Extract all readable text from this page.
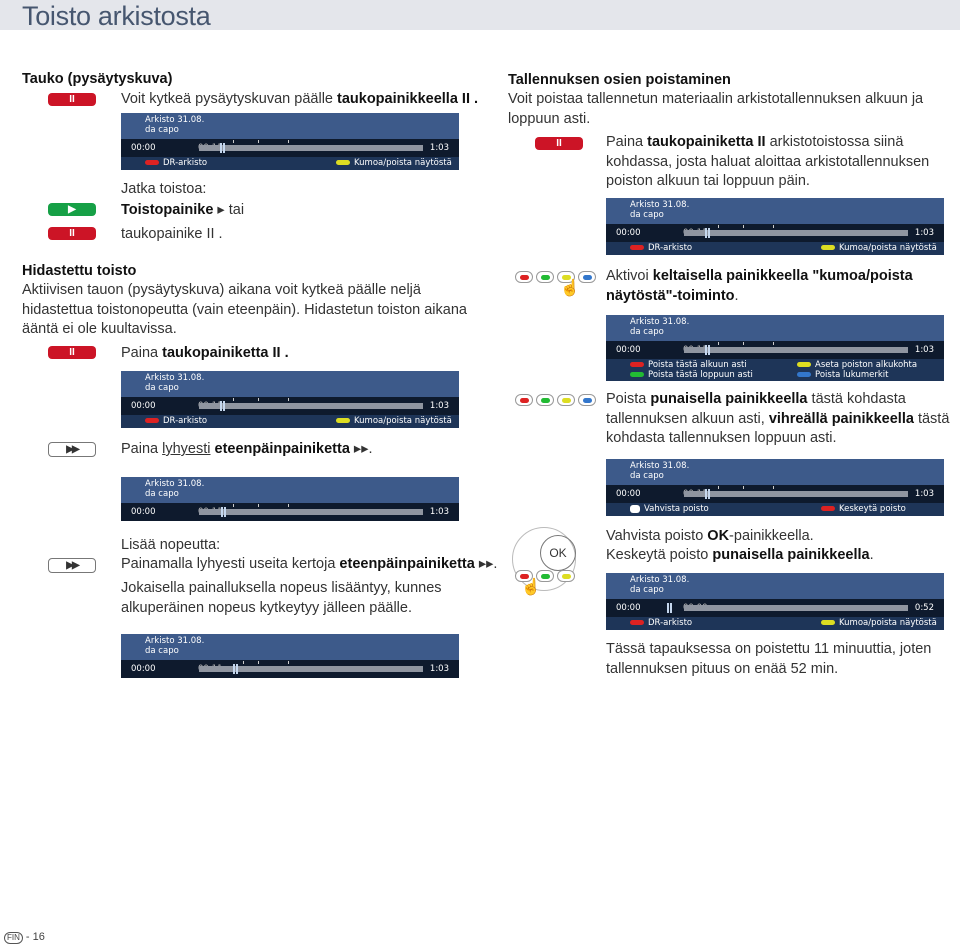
Toisto arkistosta
Tauko (pysäytyskuva)
II	Voit kytkeä pysäytyskuvan päälle taukopainikkeella II .
Arkisto 31.08.
da capo
00:00	1:03
DR-arkisto	Kumoa/poista näytöstä
Jatka toistoa:
▶	Toistopainike ▸ tai
II	taukopainike II .
Hidastettu toisto
Aktiivisen tauon (pysäytyskuva) aikana voit kytkeä päälle neljä hidastettua toistonopeutta (vain eteenpäin). Hidastetun toiston aikana ääntä ei ole kuultavissa.
II	Paina taukopainiketta II .
Arkisto 31.08.
da capo
00:00	1:03
DR-arkisto	Kumoa/poista näytöstä
▶▶	Paina lyhyesti eteenpäinpainiketta ▸▸.
Arkisto 31.08.
da capo
00:00	1:03
Lisää nopeutta:
▶▶	Painamalla lyhyesti useita kertoja eteenpäinpainiketta ▸▸.
Jokaisella painalluksella nopeus lisääntyy, kunnes alkuperäinen nopeus kytkeytyy jälleen päälle.
Arkisto 31.08.
da capo
00:00	1:03
Tallennuksen osien poistaminen
Voit poistaa tallennetun materiaalin arkistotallennuksen alkuun ja loppuun asti.
II	Paina taukopainiketta II arkistotoistossa siinä kohdassa, josta haluat aloittaa arkistotallennuksen poiston alkuun tai loppuun päin.
Arkisto 31.08.
da capo
00:00	1:03
DR-arkisto	Kumoa/poista näytöstä
☝
Aktivoi keltaisella painikkeella "kumoa/poista näytöstä"-toiminto.
Arkisto 31.08.
da capo
00:00	1:03
Poista tästä alkuun asti
Poista tästä loppuun asti
Aseta poiston alkukohta
Poista lukumerkit
Poista punaisella painikkeella tästä kohdasta tallennuksen alkuun asti, vihreällä painikkeella tästä kohdasta tallennuksen loppuun asti.
Arkisto 31.08.
da capo
00:00	1:03
Vahvista poisto	Keskeytä poisto
OK
☝
Vahvista poisto OK-painikkeella.
Keskeytä poisto punaisella painikkeella.
Arkisto 31.08.
da capo
00:00	0:52
DR-arkisto	Kumoa/poista näytöstä
Tässä tapauksessa on poistettu 11 minuuttia, joten tallennuksen pituus on enää 52 min.
FIN - 16
